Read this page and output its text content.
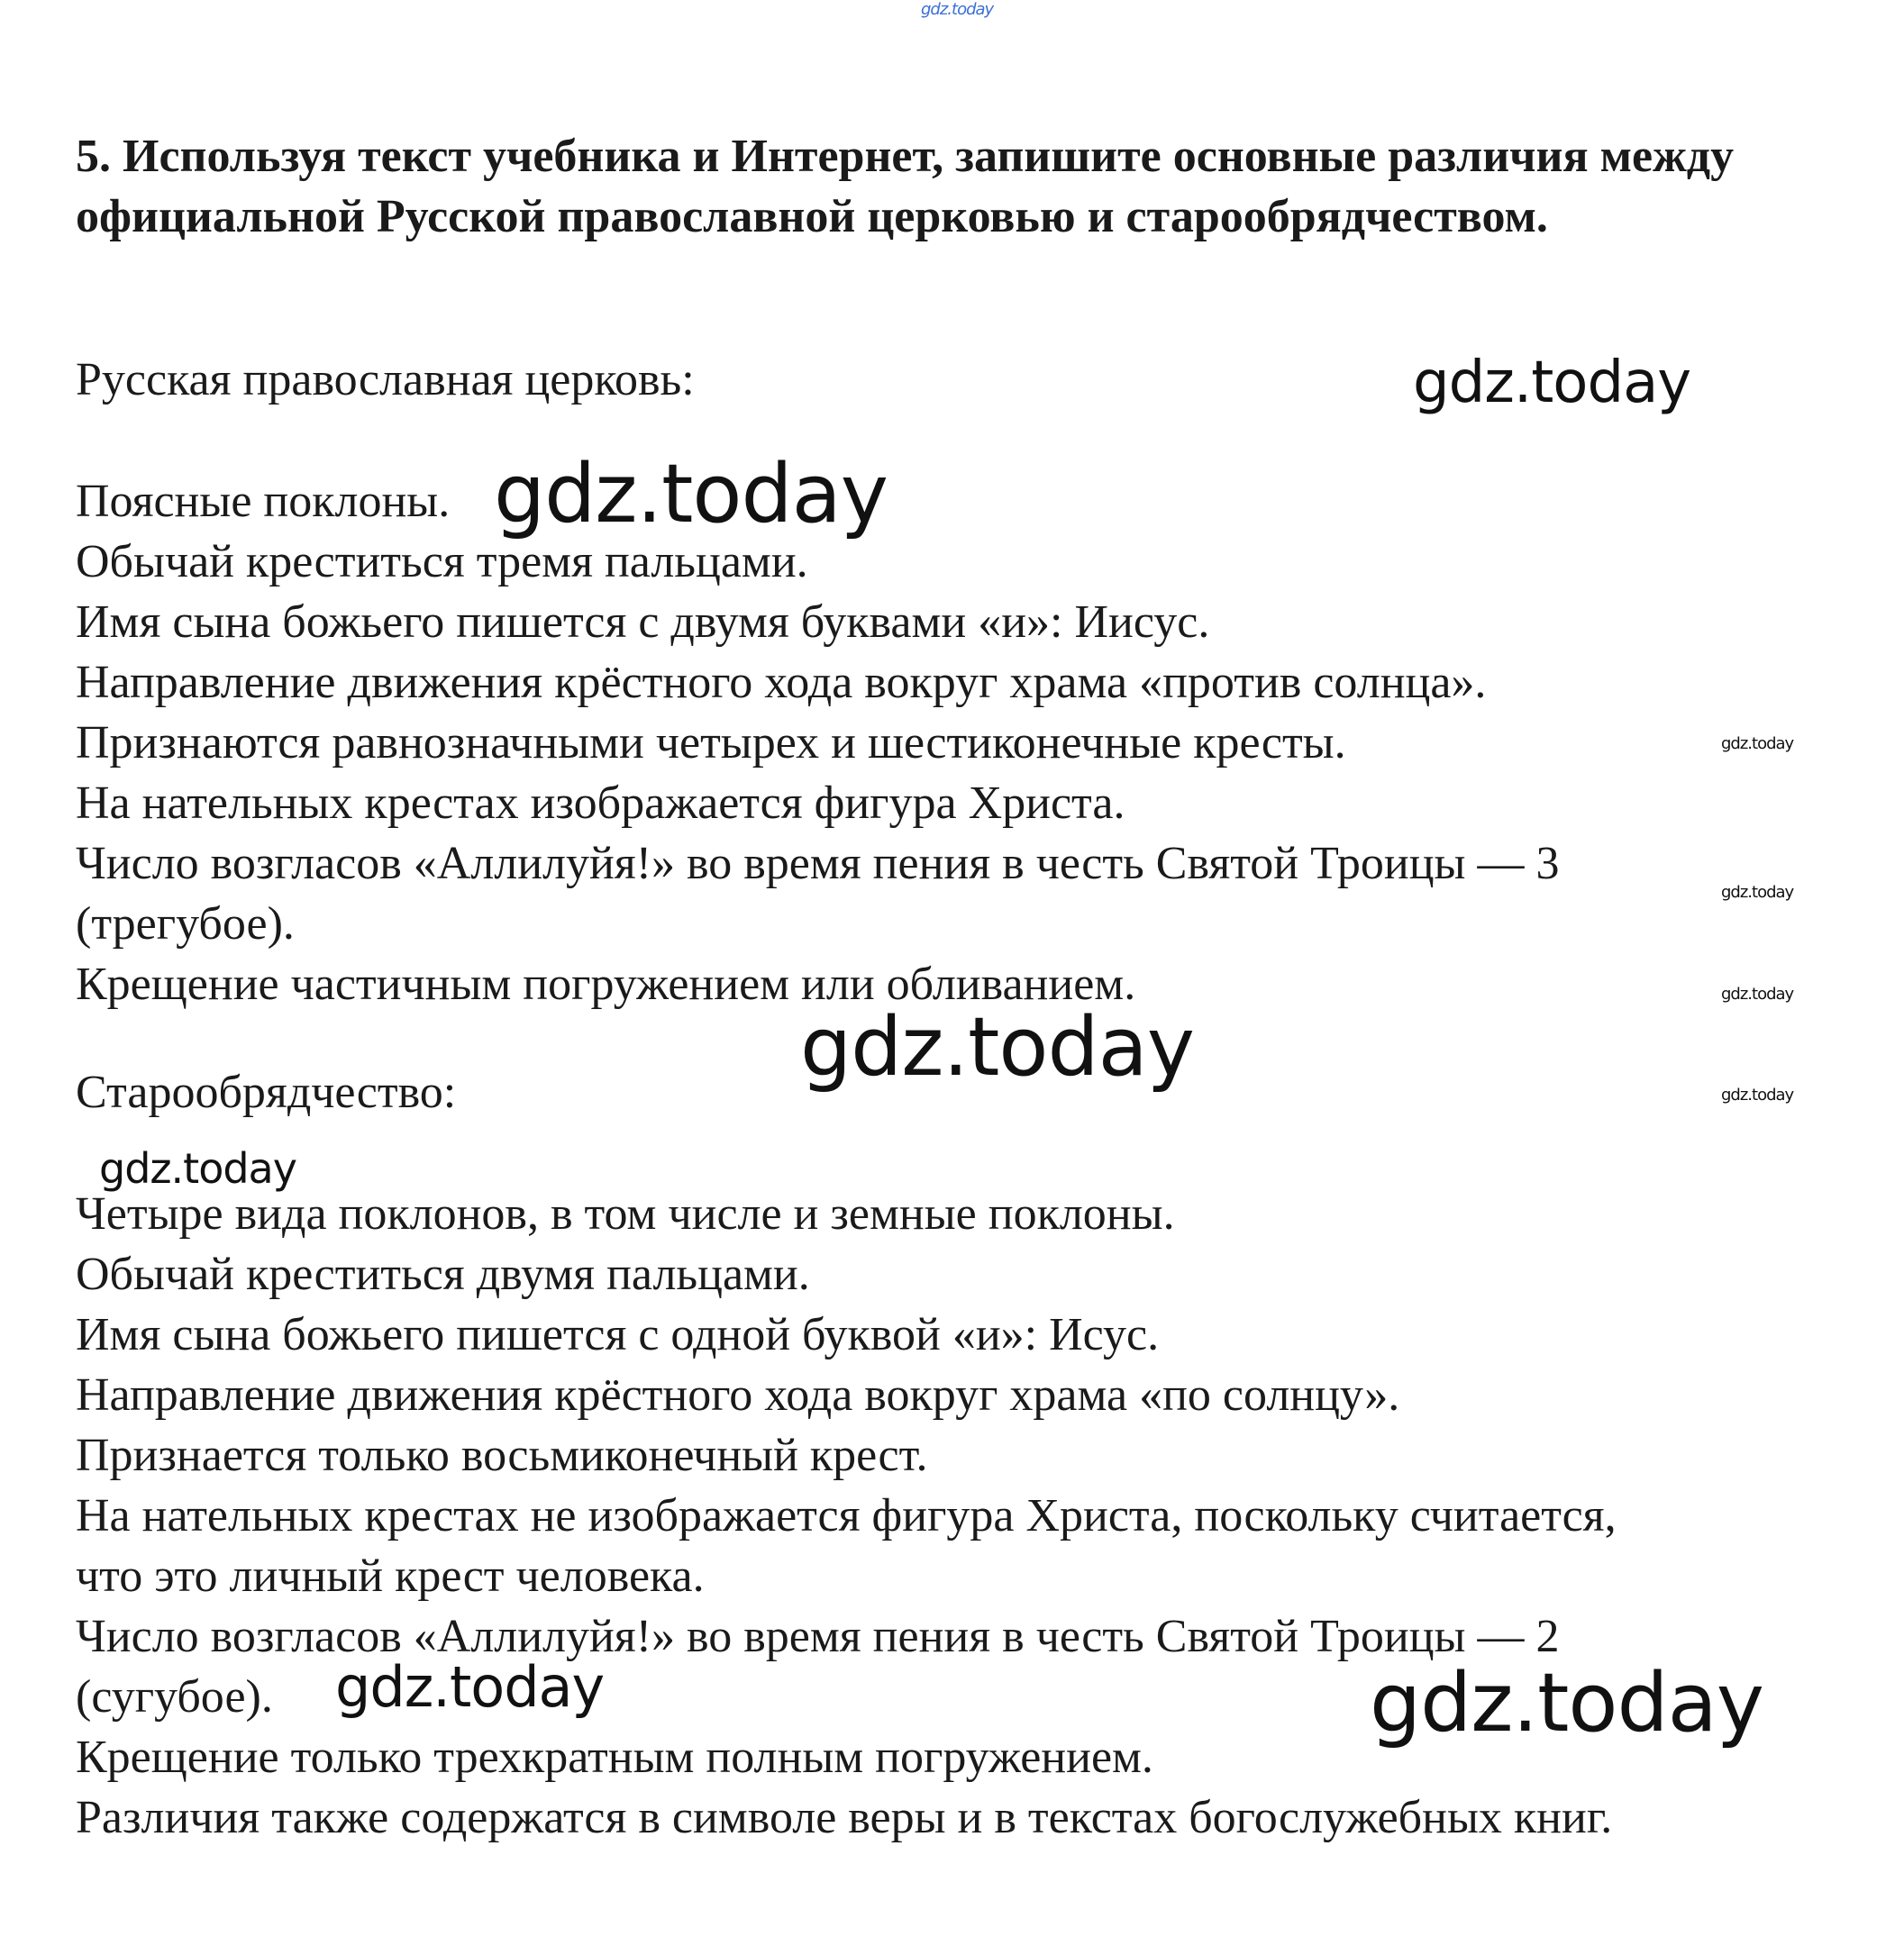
gdz.today

5. Используя текст учебника и Интернет, запишите основные различия между официальной Русской православной церковью и старообрядчеством.

Русская православная церковь:	gdz.today

Поясные поклоны. gdz.today

Обычай креститься тремя пальцами.

Имя сына божьего пишется с двумя буквами «и»: Иисус.

Направление движения крёстного хода вокруг храма «против солнца».

Признаются равнозначными четырех и шестиконечные кресты.	gdz.today

На нательных крестах изображается фигура Христа.

Число возгласов «Аллилуйя!» во время пения в честь Святой Троицы — 3

gdz.today

(трегубое).

Крещение частичным погружением или обливанием.	gdz.today
gdz.today

Старообрядчество:	gdz.today
gdz.today

Четыре вида поклонов, в том числе и земные поклоны.

Обычай креститься двумя пальцами.

Имя сына божьего пишется с одной буквой «и»: Исус.

Направление движения крёстного хода вокруг храма «по солнцу».

Признается только восьмиконечный крест.

На нательных крестах не изображается фигура Христа, поскольку считается,

что это личный крест человека.

Число возгласов «Аллилуйя!» во время пения в честь Святой Троицы — 2

(сугубое). gdz.today	gdz.today

Крещение только трехкратным полным погружением.

Различия также содержатся в символе веры и в текстах богослужебных книг.
